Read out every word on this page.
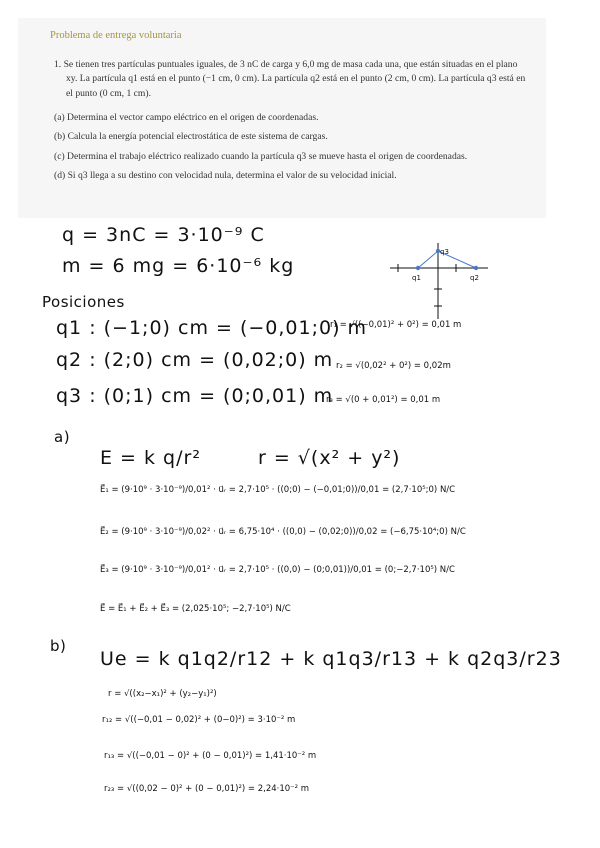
Problema de entrega voluntaria

1. Se tienen tres partículas puntuales iguales, de 3 nC de carga y 6,0 mg de masa cada una, que están situadas en el plano xy. La partícula q1 está en el punto (−1 cm, 0 cm). La partícula q2 está en el punto (2 cm, 0 cm). La partícula q3 está en el punto (0 cm, 1 cm).

(a) Determina el vector campo eléctrico en el origen de coordenadas.
(b) Calcula la energía potencial electrostática de este sistema de cargas.
(c) Determina el trabajo eléctrico realizado cuando la partícula q3 se mueve hasta el origen de coordenadas.
(d) Si q3 llega a su destino con velocidad nula, determina el valor de su velocidad inicial.
q = 3nC = 3·10⁻⁹ C
m = 6 mg = 6·10⁻⁶ kg
q1	q2
q3
Posiciones
q1 : (−1;0) cm = (−0,01;0) m
q2 : (2;0) cm = (0,02;0) m
q3 : (0;1) cm = (0;0,01) m
r₁ = √((−0,01)² + 0²) = 0,01 m
r₂ = √(0,02² + 0²) = 0,02m
r₃ = √(0 + 0,01²) = 0,01 m
a)
E = k q/r²	r = √(x² + y²)
E⃗₁ = (9·10⁹ · 3·10⁻⁹)/0,01² · u⃗ᵣ = 2,7·10⁵ · ((0;0) − (−0,01;0))/0,01 = (2,7·10⁵;0) N/C
E⃗₂ = (9·10⁹ · 3·10⁻⁹)/0,02² · u⃗ᵣ = 6,75·10⁴ · ((0,0) − (0,02;0))/0,02 = (−6,75·10⁴;0) N/C
E⃗₃ = (9·10⁹ · 3·10⁻⁹)/0,01² · u⃗ᵣ = 2,7·10⁵ · ((0,0) − (0;0,01))/0,01 = (0;−2,7·10⁵) N/C
E⃗ = E⃗₁ + E⃗₂ + E⃗₃ = (2,025·10⁵; −2,7·10⁵) N/C
b)
Ue = k q1q2/r12 + k q1q3/r13 + k q2q3/r23
r = √((x₂−x₁)² + (y₂−y₁)²)
r₁₂ = √((−0,01 − 0,02)² + (0−0)²) = 3·10⁻² m
r₁₃ = √((−0,01 − 0)² + (0 − 0,01)²) = 1,41·10⁻² m
r₂₃ = √((0,02 − 0)² + (0 − 0,01)²) = 2,24·10⁻² m
